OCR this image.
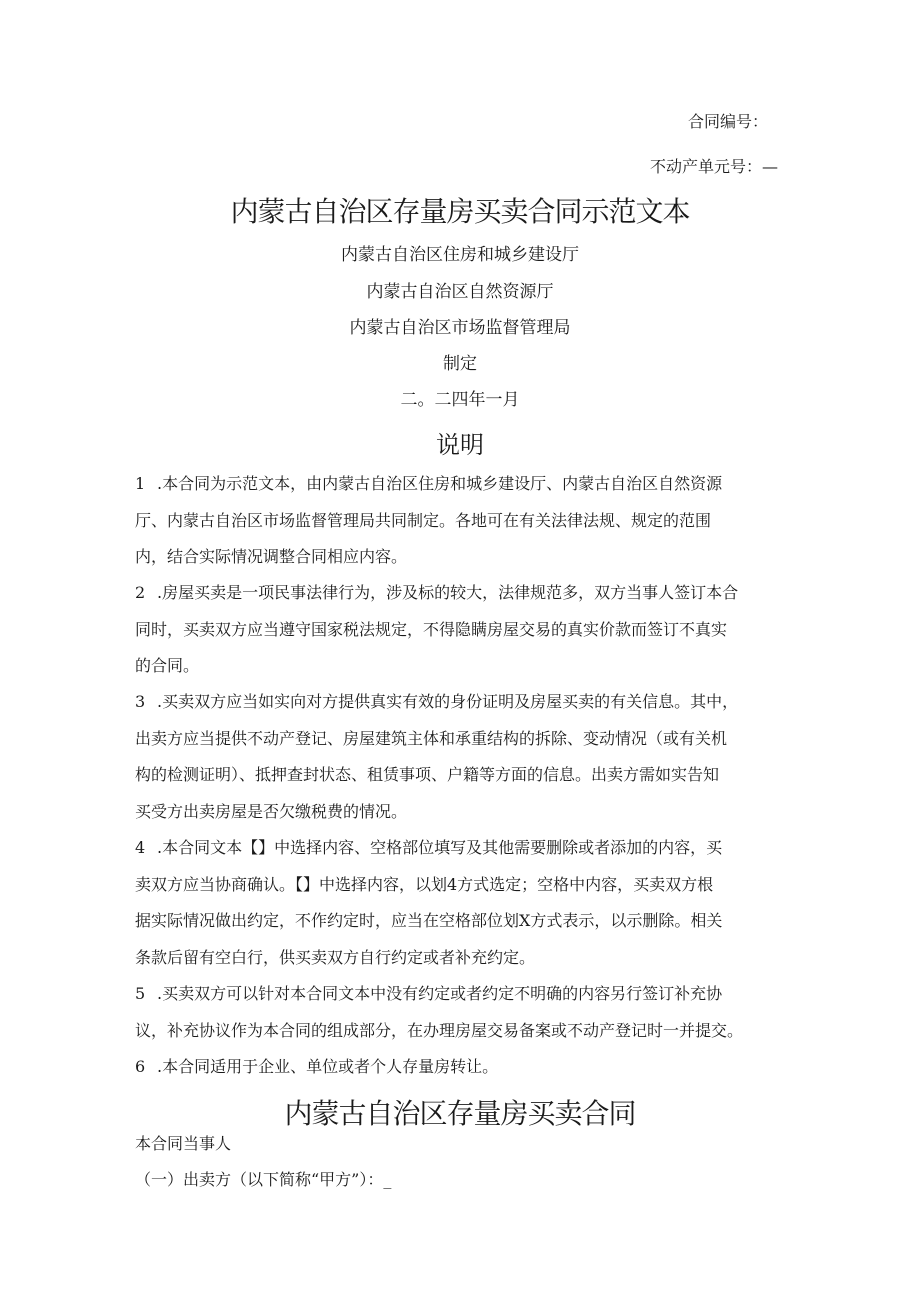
合同编号：
不动产单元号：—
内蒙古自治区存量房买卖合同示范文本
内蒙古自治区住房和城乡建设厅
内蒙古自治区自然资源厅
内蒙古自治区市场监督管理局
制定
二。二四年一月
说明
1 .本合同为示范文本，由内蒙古自治区住房和城乡建设厅、内蒙古自治区自然资源
厅、内蒙古自治区市场监督管理局共同制定。各地可在有关法律法规、规定的范围
内，结合实际情况调整合同相应内容。
2 .房屋买卖是一项民事法律行为，涉及标的较大，法律规范多，双方当事人签订本合
同时，买卖双方应当遵守国家税法规定，不得隐瞒房屋交易的真实价款而签订不真实
的合同。
3 .买卖双方应当如实向对方提供真实有效的身份证明及房屋买卖的有关信息。其中，
出卖方应当提供不动产登记、房屋建筑主体和承重结构的拆除、变动情况（或有关机
构的检测证明）、抵押查封状态、租赁事项、户籍等方面的信息。出卖方需如实告知
买受方出卖房屋是否欠缴税费的情况。
4 .本合同文本【】中选择内容、空格部位填写及其他需要删除或者添加的内容，买
卖双方应当协商确认。【】中选择内容，以划4方式选定；空格中内容，买卖双方根
据实际情况做出约定，不作约定时，应当在空格部位划X方式表示，以示删除。相关
条款后留有空白行，供买卖双方自行约定或者补充约定。
5 .买卖双方可以针对本合同文本中没有约定或者约定不明确的内容另行签订补充协
议，补充协议作为本合同的组成部分，在办理房屋交易备案或不动产登记时一并提交。
6 .本合同适用于企业、单位或者个人存量房转让。
内蒙古自治区存量房买卖合同
本合同当事人
（一）出卖方（以下简称“甲方”）：_
